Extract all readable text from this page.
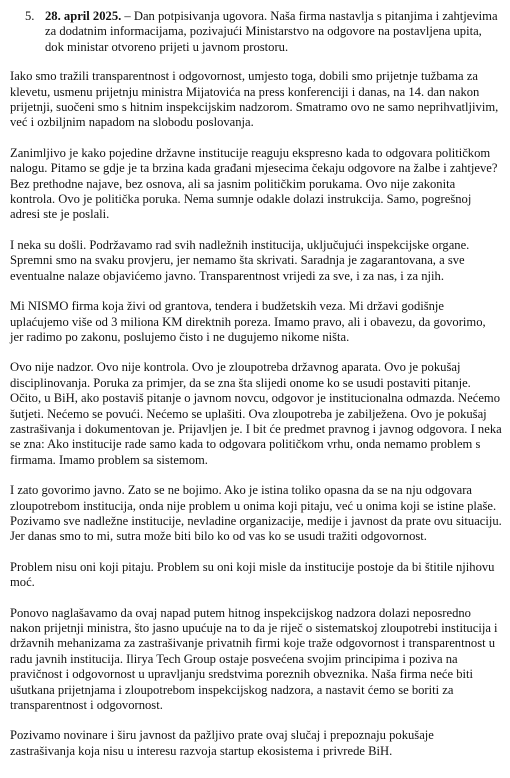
5. 28. april 2025. – Dan potpisivanja ugovora. Naša firma nastavlja s pitanjima i zahtjevima za dodatnim informacijama, pozivajući Ministarstvo na odgovore na postavljena upita, dok ministar otvoreno prijeti u javnom prostoru.

Iako smo tražili transparentnost i odgovornost, umjesto toga, dobili smo prijetnje tužbama za klevetu, usmenu prijetnju ministra Mijatovića na press konferenciji i danas, na 14. dan nakon prijetnji, suočeni smo s hitnim inspekcijskim nadzorom. Smatramo ovo ne samo neprihvatljivim, već i ozbiljnim napadom na slobodu poslovanja.

Zanimljivo je kako pojedine državne institucije reaguju ekspresno kada to odgovara političkom nalogu. Pitamo se gdje je ta brzina kada građani mjesecima čekaju odgovore na žalbe i zahtjeve? Bez prethodne najave, bez osnova, ali sa jasnim političkim porukama. Ovo nije zakonita kontrola. Ovo je politička poruka. Nema sumnje odakle dolazi instrukcija. Samo, pogrešnoj adresi ste je poslali.

I neka su došli. Podržavamo rad svih nadležnih institucija, uključujući inspekcijske organe. Spremni smo na svaku provjeru, jer nemamo šta skrivati. Saradnja je zagarantovana, a sve eventualne nalaze objavićemo javno. Transparentnost vrijedi za sve, i za nas, i za njih.

Mi NISMO firma koja živi od grantova, tendera i budžetskih veza. Mi državi godišnje uplaćujemo više od 3 miliona KM direktnih poreza. Imamo pravo, ali i obavezu, da govorimo, jer radimo po zakonu, poslujemo čisto i ne dugujemo nikome ništa.

Ovo nije nadzor. Ovo nije kontrola. Ovo je zloupotreba državnog aparata. Ovo je pokušaj disciplinovanja. Poruka za primjer, da se zna šta slijedi onome ko se usudi postaviti pitanje. Očito, u BiH, ako postaviš pitanje o javnom novcu, odgovor je institucionalna odmazda. Nećemo šutjeti. Nećemo se povući. Nećemo se uplašiti. Ova zloupotreba je zabilježena. Ovo je pokušaj zastrašivanja i dokumentovan je. Prijavljen je. I bit će predmet pravnog i javnog odgovora. I neka se zna: Ako institucije rade samo kada to odgovara političkom vrhu, onda nemamo problem s firmama. Imamo problem sa sistemom.

I zato govorimo javno. Zato se ne bojimo. Ako je istina toliko opasna da se na nju odgovara zloupotrebom institucija, onda nije problem u onima koji pitaju, već u onima koji se istine plaše.

Pozivamo sve nadležne institucije, nevladine organizacije, medije i javnost da prate ovu situaciju. Jer danas smo to mi, sutra može biti bilo ko od vas ko se usudi tražiti odgovornost.

Problem nisu oni koji pitaju. Problem su oni koji misle da institucije postoje da bi štitile njihovu moć.

Ponovo naglašavamo da ovaj napad putem hitnog inspekcijskog nadzora dolazi neposredno nakon prijetnji ministra, što jasno upućuje na to da je riječ o sistematskoj zloupotrebi institucija i državnih mehanizama za zastrašivanje privatnih firmi koje traže odgovornost i transparentnost u radu javnih institucija. Ilirya Tech Group ostaje posvećena svojim principima i poziva na pravičnost i odgovornost u upravljanju sredstvima poreznih obveznika. Naša firma neće biti ušutkana prijetnjama i zloupotrebom inspekcijskog nadzora, a nastavit ćemo se boriti za transparentnost i odgovornost.

Pozivamo novinare i širu javnost da pažljivo prate ovaj slučaj i prepoznaju pokušaje zastrašivanja koja nisu u interesu razvoja startup ekosistema i privrede BiH.
